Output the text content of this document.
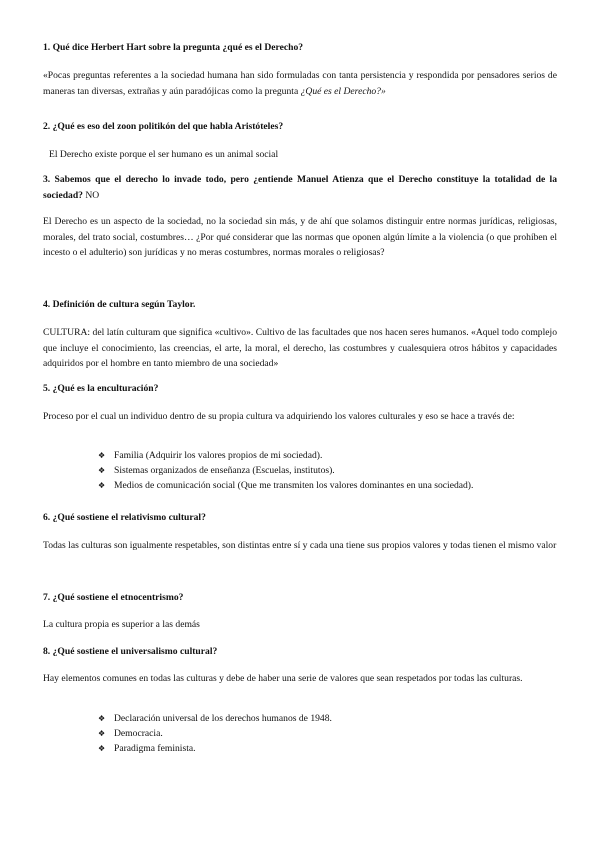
1. Qué dice Herbert Hart sobre la pregunta ¿qué es el Derecho?

«Pocas preguntas referentes a la sociedad humana han sido formuladas con tanta persistencia y respondida por pensadores serios de maneras tan diversas, extrañas y aún paradójicas como la pregunta ¿Qué es el Derecho?»

2. ¿Qué es eso del zoon politikón del que habla Aristóteles?

El Derecho existe porque el ser humano es un animal social

3. Sabemos que el derecho lo invade todo, pero ¿entiende Manuel Atienza que el Derecho constituye la totalidad de la sociedad? NO

El Derecho es un aspecto de la sociedad, no la sociedad sin más, y de ahí que solamos distinguir entre normas jurídicas, religiosas, morales, del trato social, costumbres… ¿Por qué considerar que las normas que oponen algún límite a la violencia (o que prohíben el incesto o el adulterio) son jurídicas y no meras costumbres, normas morales o religiosas?

4. Definición de cultura según Taylor.

CULTURA: del latín culturam que significa «cultivo». Cultivo de las facultades que nos hacen seres humanos. «Aquel todo complejo que incluye el conocimiento, las creencias, el arte, la moral, el derecho, las costumbres y cualesquiera otros hábitos y capacidades adquiridos por el hombre en tanto miembro de una sociedad»

5. ¿Qué es la enculturación?

Proceso por el cual un individuo dentro de su propia cultura va adquiriendo los valores culturales y eso se hace a través de:

❖ Familia (Adquirir los valores propios de mi sociedad).
❖ Sistemas organizados de enseñanza (Escuelas, institutos).
❖ Medios de comunicación social (Que me transmiten los valores dominantes en una sociedad).

6. ¿Qué sostiene el relativismo cultural?

Todas las culturas son igualmente respetables, son distintas entre sí y cada una tiene sus propios valores y todas tienen el mismo valor

7. ¿Qué sostiene el etnocentrismo?

La cultura propia es superior a las demás

8. ¿Qué sostiene el universalismo cultural?

Hay elementos comunes en todas las culturas y debe de haber una serie de valores que sean respetados por todas las culturas.

❖ Declaración universal de los derechos humanos de 1948.
❖ Democracia.
❖ Paradigma feminista.
